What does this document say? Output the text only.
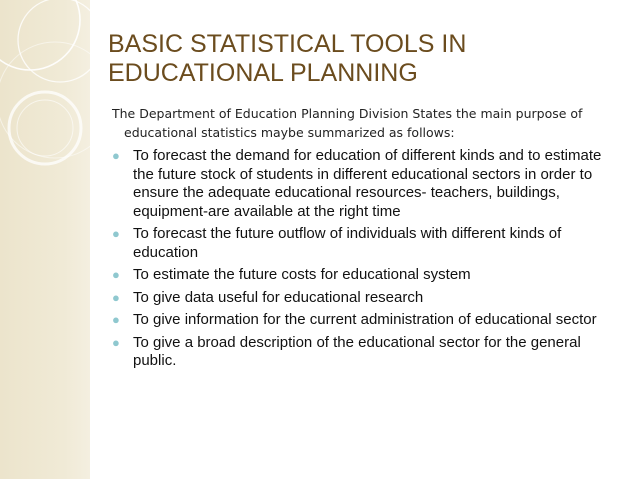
BASIC STATISTICAL TOOLS IN
EDUCATIONAL PLANNING

The Department of Education Planning Division States the main purpose of educational statistics maybe summarized as follows:

● To forecast the demand for education of different kinds and to estimate the future stock of students in different educational sectors in order to ensure the adequate educational resources- teachers, buildings, equipment-are available at the right time
● To forecast the future outflow of individuals with different kinds of education
● To estimate the future costs for educational system
● To give data useful for educational research
● To give information for the current administration of educational sector
● To give a broad description of the educational sector for the general public.
